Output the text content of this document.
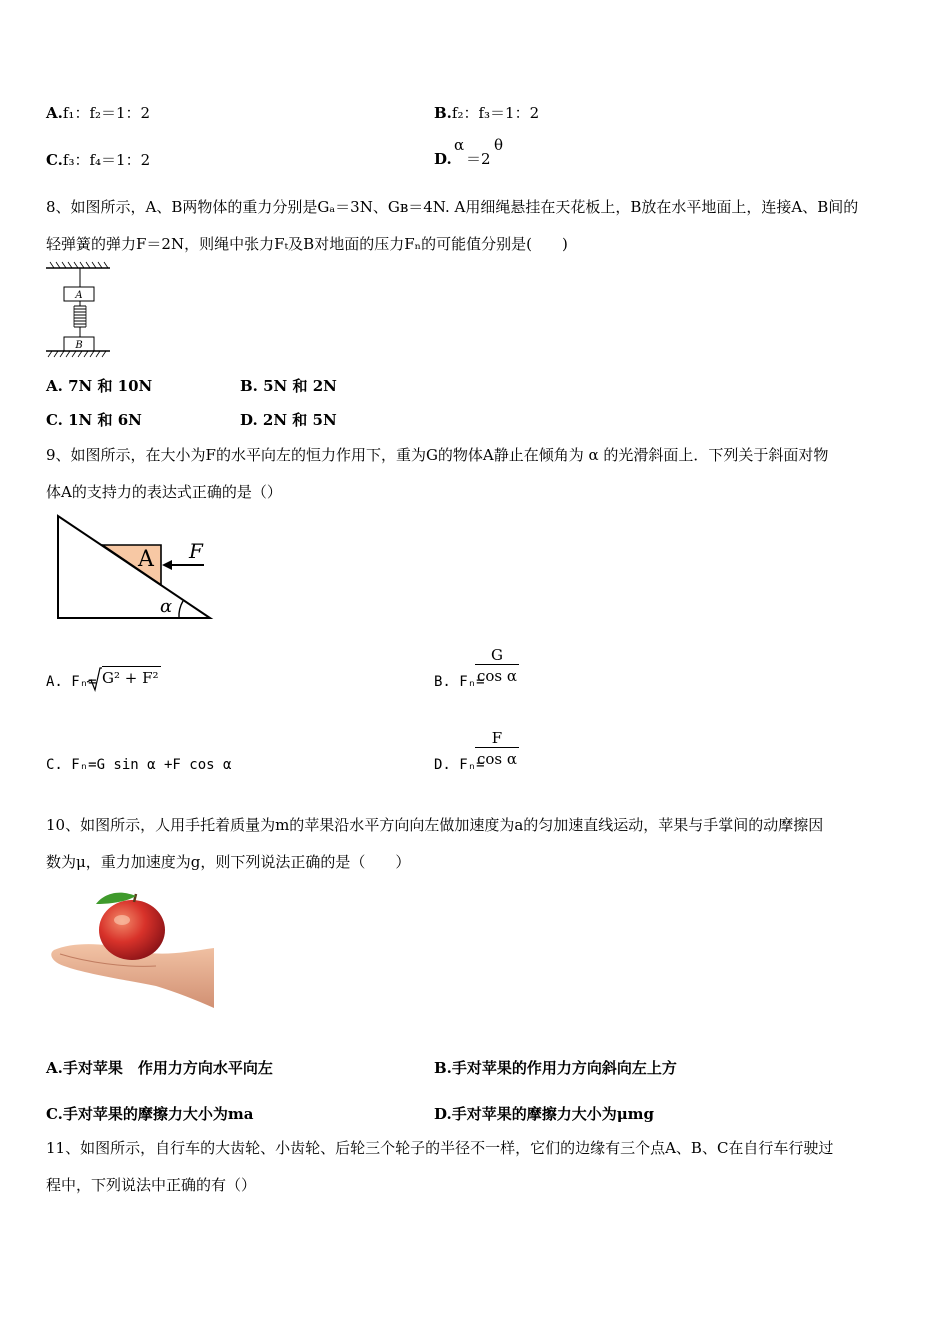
A.f₁：f₂＝1：2	B.f₂：f₃＝1：2
C.f₃：f₄＝1：2	D.
α
＝2
θ
8、如图所示，A、B两物体的重力分别是Gₐ＝3N、Gʙ＝4N. A用细绳悬挂在天花板上，B放在水平地面上，连接A、B间的
轻弹簧的弹力F＝2N，则绳中张力Fₜ及B对地面的压力Fₙ的可能值分别是(　　)
A
B
A. 7N 和 10N	B. 5N 和 2N
C. 1N 和 6N	D. 2N 和 5N
9、如图所示，在大小为F的水平向左的恒力作用下，重为G的物体A静止在倾角为 α 的光滑斜面上．下列关于斜面对物
体A的支持力的表达式正确的是（）
A F
α
A. Fₙ= G² + F²	B. Fₙ=
$\frac{G}{\text{cos α}}$
C. Fₙ=G sin α +F cos α	D. Fₙ=
$\frac{F}{\text{cos α}}$
10、如图所示，人用手托着质量为m的苹果沿水平方向向左做加速度为a的匀加速直线运动，苹果与手掌间的动摩擦因
数为μ，重力加速度为g，则下列说法正确的是（　　）
A.手对苹果　作用力方向水平向左	B.手对苹果的作用力方向斜向左上方
C.手对苹果的摩擦力大小为ma	D.手对苹果的摩擦力大小为μmg
11、如图所示，自行车的大齿轮、小齿轮、后轮三个轮子的半径不一样，它们的边缘有三个点A、B、C在自行车行驶过
程中，下列说法中正确的有（）
